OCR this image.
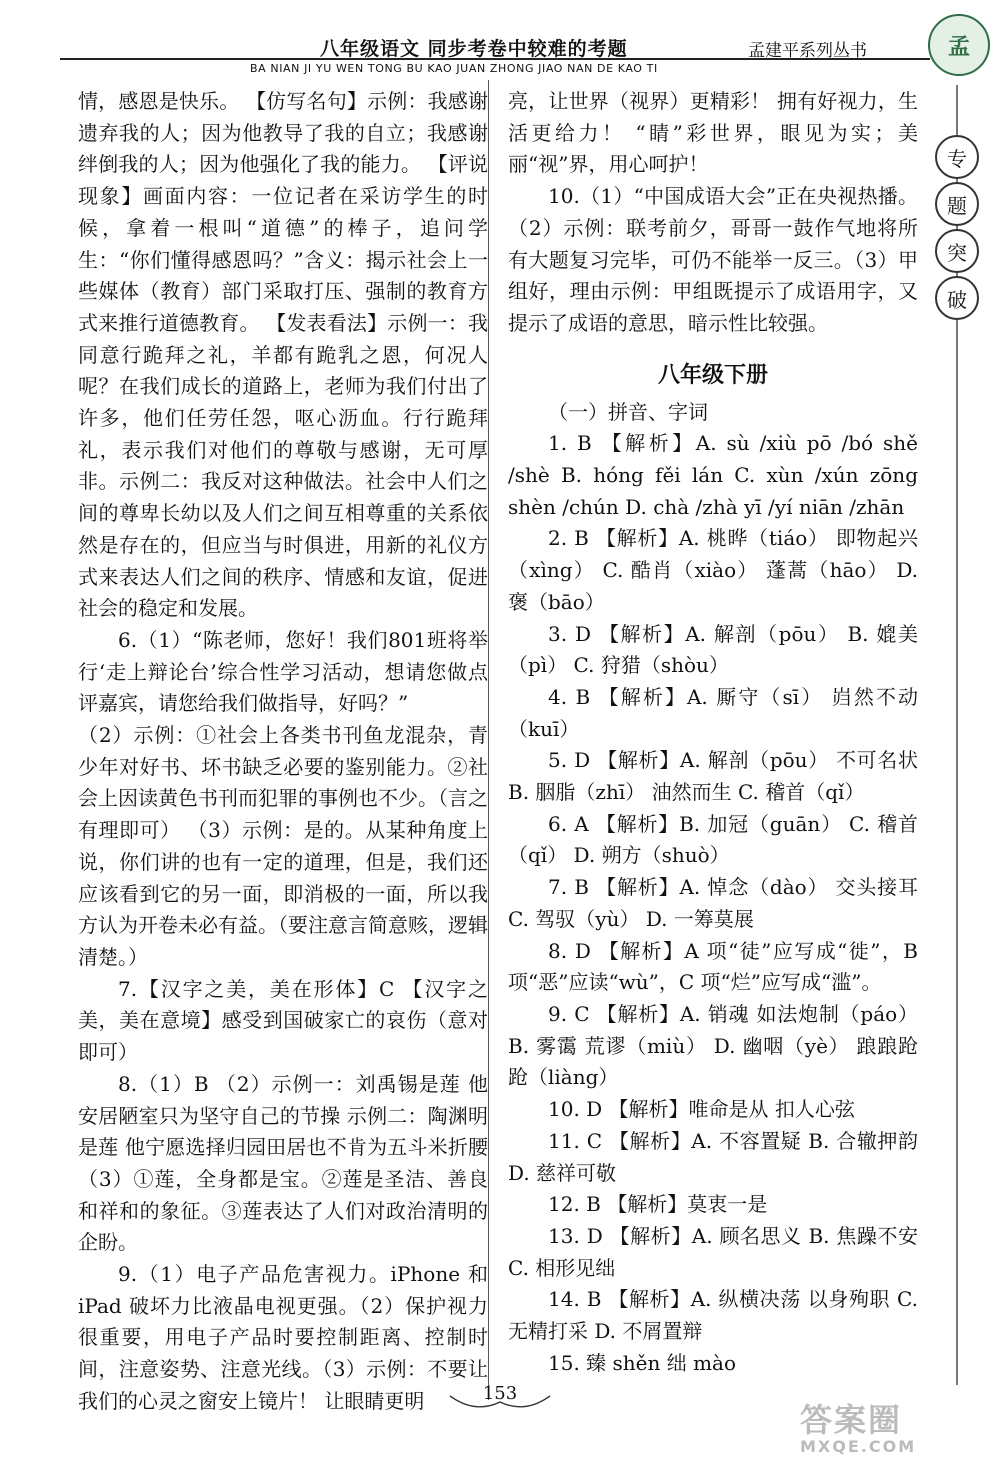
八年级语文 同步考卷中较难的考题	孟建平系列丛书
BA NIAN JI YU WEN TONG BU KAO JUAN ZHONG JIAO NAN DE KAO TI
孟
专
题
突
破

情，感恩是快乐。 【仿写名句】示例：我感谢遗弃我的人；因为他教导了我的自立；我感谢绊倒我的人；因为他强化了我的能力。 【评说现象】画面内容：一位记者在采访学生的时候，拿着一根叫“道德”的棒子，追问学生：“你们懂得感恩吗？”含义：揭示社会上一些媒体（教育）部门采取打压、强制的教育方式来推行道德教育。 【发表看法】示例一：我同意行跪拜之礼，羊都有跪乳之恩，何况人呢？在我们成长的道路上，老师为我们付出了许多，他们任劳任怨，呕心沥血。行行跪拜礼，表示我们对他们的尊敬与感谢，无可厚非。示例二：我反对这种做法。社会中人们之间的尊卑长幼以及人们之间互相尊重的关系依然是存在的，但应当与时俱进，用新的礼仪方式来表达人们之间的秩序、情感和友谊，促进社会的稳定和发展。

6.（1）“陈老师，您好！我们801班将举行‘走上辩论台’综合性学习活动，想请您做点评嘉宾，请您给我们做指导，好吗？”

（2）示例：①社会上各类书刊鱼龙混杂，青少年对好书、坏书缺乏必要的鉴别能力。②社会上因读黄色书刊而犯罪的事例也不少。（言之有理即可） （3）示例：是的。从某种角度上说，你们讲的也有一定的道理，但是，我们还应该看到它的另一面，即消极的一面，所以我方认为开卷未必有益。（要注意言简意赅，逻辑清楚。）

7.【汉字之美，美在形体】C 【汉字之美，美在意境】感受到国破家亡的哀伤（意对即可）

8.（1）B （2）示例一：刘禹锡是莲 他安居陋室只为坚守自己的节操 示例二：陶渊明是莲 他宁愿选择归园田居也不肯为五斗米折腰 （3）①莲，全身都是宝。②莲是圣洁、善良和祥和的象征。③莲表达了人们对政治清明的企盼。

9.（1）电子产品危害视力。iPhone 和 iPad 破坏力比液晶电视更强。（2）保护视力很重要，用电子产品时要控制距离、控制时间，注意姿势、注意光线。（3）示例：不要让我们的心灵之窗安上镜片！ 让眼睛更明

亮，让世界（视界）更精彩！ 拥有好视力，生活更给力！ “睛”彩世界，眼见为实；美丽“视”界，用心呵护！

10.（1）“中国成语大会”正在央视热播。（2）示例：联考前夕，哥哥一鼓作气地将所有大题复习完毕，可仍不能举一反三。（3）甲组好，理由示例：甲组既提示了成语用字，又提示了成语的意思，暗示性比较强。

八年级下册

（一）拼音、字词

1. B 【解析】A. sù /xiù pō /bó shě /shè B. hóng fěi lán C. xùn /xún zōng shèn /chún D. chà /zhà yī /yí niān /zhān

2. B 【解析】A. 桃晔（tiáo） 即物起兴（xìng） C. 酷肖（xiào） 蓬蒿（hāo） D. 褒（bāo）

3. D 【解析】A. 解剖（pōu） B. 媲美（pì） C. 狩猎（shòu）

4. B 【解析】A. 厮守（sī） 岿然不动（kuī）

5. D 【解析】A. 解剖（pōu） 不可名状 B. 胭脂（zhī） 油然而生 C. 稽首（qǐ）

6. A 【解析】B. 加冠（guān） C. 稽首（qǐ） D. 朔方（shuò）

7. B 【解析】A. 悼念（dào） 交头接耳 C. 驾驭（yù） D. 一筹莫展

8. D 【解析】A 项“徒”应写成“徙”，B 项“恶”应读“wù”，C 项“烂”应写成“滥”。

9. C 【解析】A. 销魂 如法炮制（páo） B. 雾霭 荒谬（miù） D. 幽咽（yè） 踉踉跄跄（liàng）

10. D 【解析】唯命是从 扣人心弦

11. C 【解析】A. 不容置疑 B. 合辙押韵 D. 慈祥可敬

12. B 【解析】莫衷一是

13. D 【解析】A. 顾名思义 B. 焦躁不安 C. 相形见绌

14. B 【解析】A. 纵横决荡 以身殉职 C. 无精打采 D. 不屑置辩

15. 臻 shěn 绌 mào

153
答案圈
MXQE.COM
